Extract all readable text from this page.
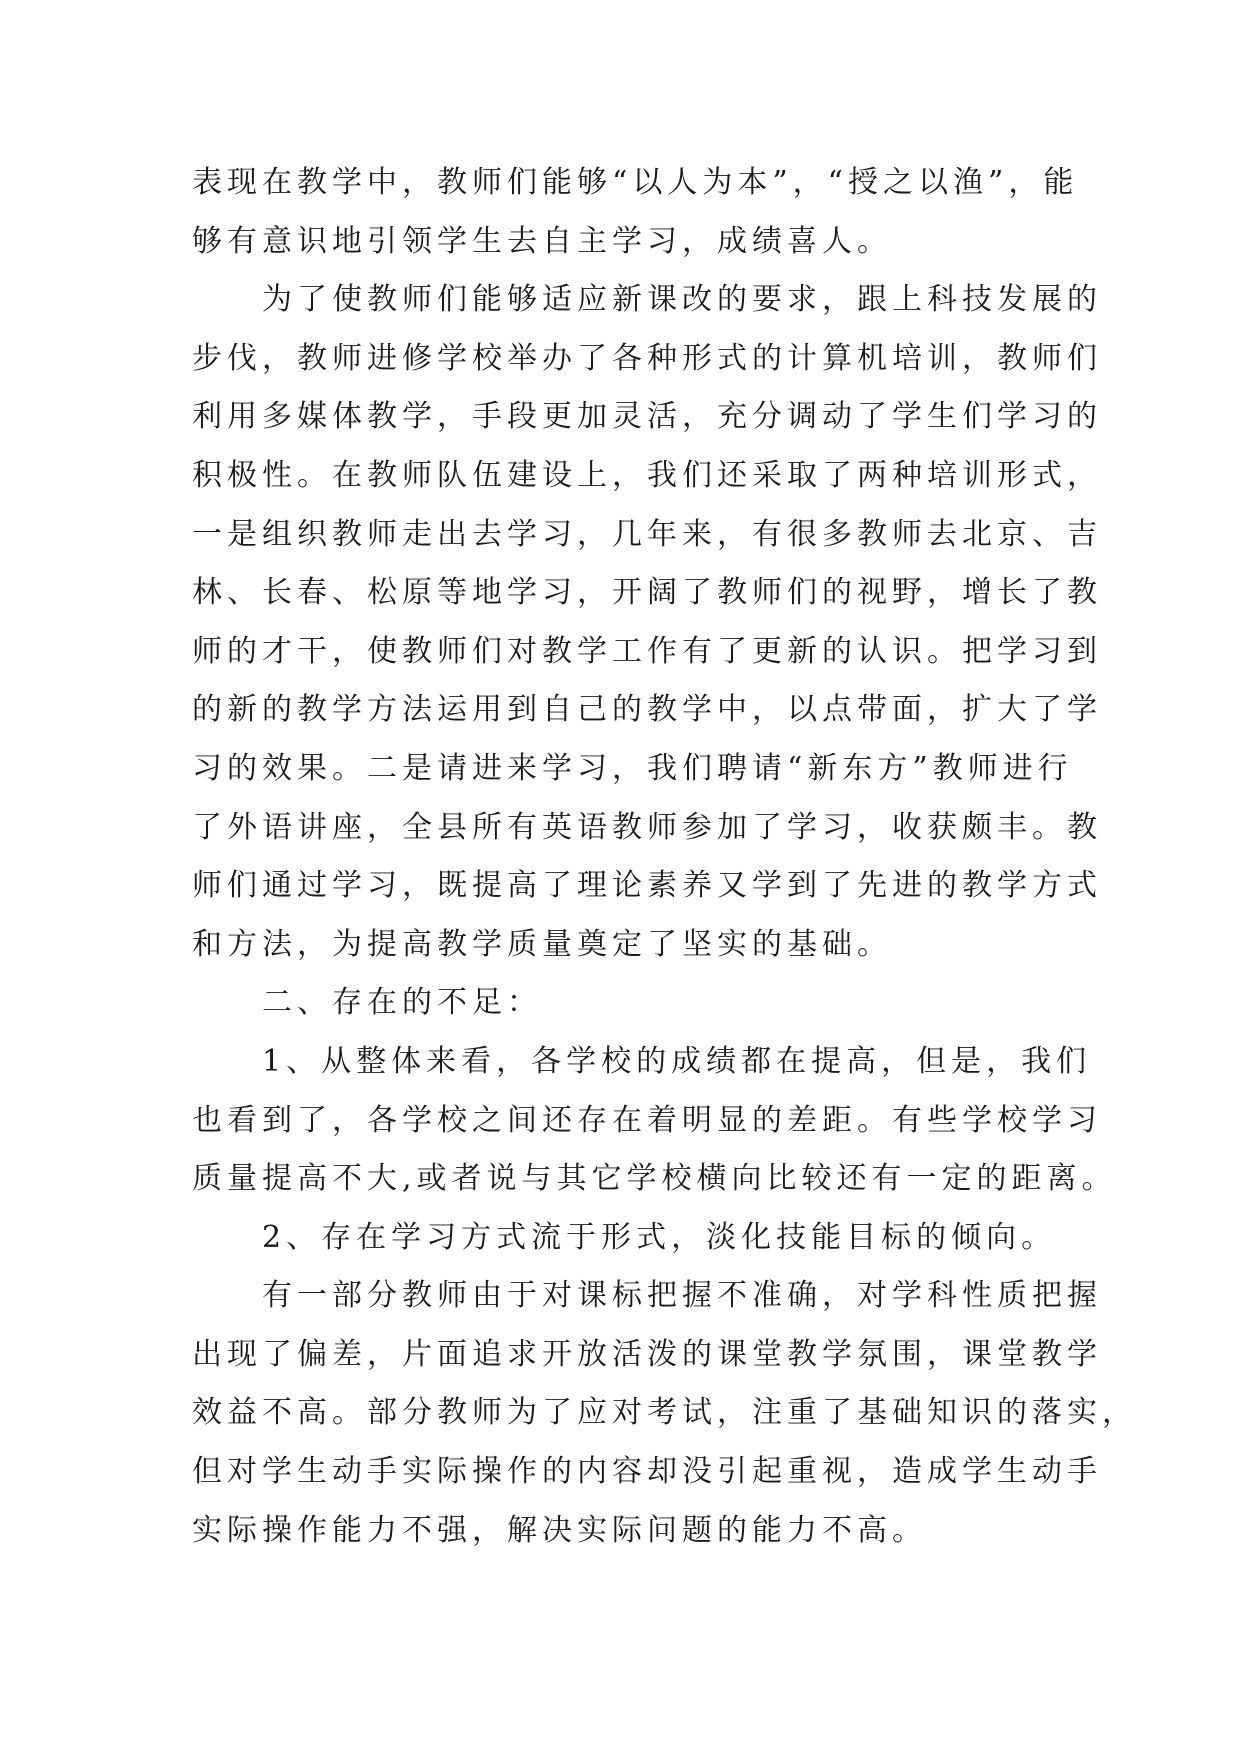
表现在教学中，教师们能够“以人为本”，“授之以渔”，能
够有意识地引领学生去自主学习，成绩喜人。
为了使教师们能够适应新课改的要求，跟上科技发展的
步伐，教师进修学校举办了各种形式的计算机培训，教师们
利用多媒体教学，手段更加灵活，充分调动了学生们学习的
积极性。在教师队伍建设上，我们还采取了两种培训形式，
一是组织教师走出去学习，几年来，有很多教师去北京、吉
林、长春、松原等地学习，开阔了教师们的视野，增长了教
师的才干，使教师们对教学工作有了更新的认识。把学习到
的新的教学方法运用到自己的教学中，以点带面，扩大了学
习的效果。二是请进来学习，我们聘请“新东方”教师进行
了外语讲座，全县所有英语教师参加了学习，收获颇丰。教
师们通过学习，既提高了理论素养又学到了先进的教学方式
和方法，为提高教学质量奠定了坚实的基础。
二、存在的不足：
1、从整体来看，各学校的成绩都在提高，但是，我们
也看到了，各学校之间还存在着明显的差距。有些学校学习
质量提高不大,或者说与其它学校横向比较还有一定的距离。
2、存在学习方式流于形式，淡化技能目标的倾向。
有一部分教师由于对课标把握不准确，对学科性质把握
出现了偏差，片面追求开放活泼的课堂教学氛围，课堂教学
效益不高。部分教师为了应对考试，注重了基础知识的落实，
但对学生动手实际操作的内容却没引起重视，造成学生动手
实际操作能力不强，解决实际问题的能力不高。
